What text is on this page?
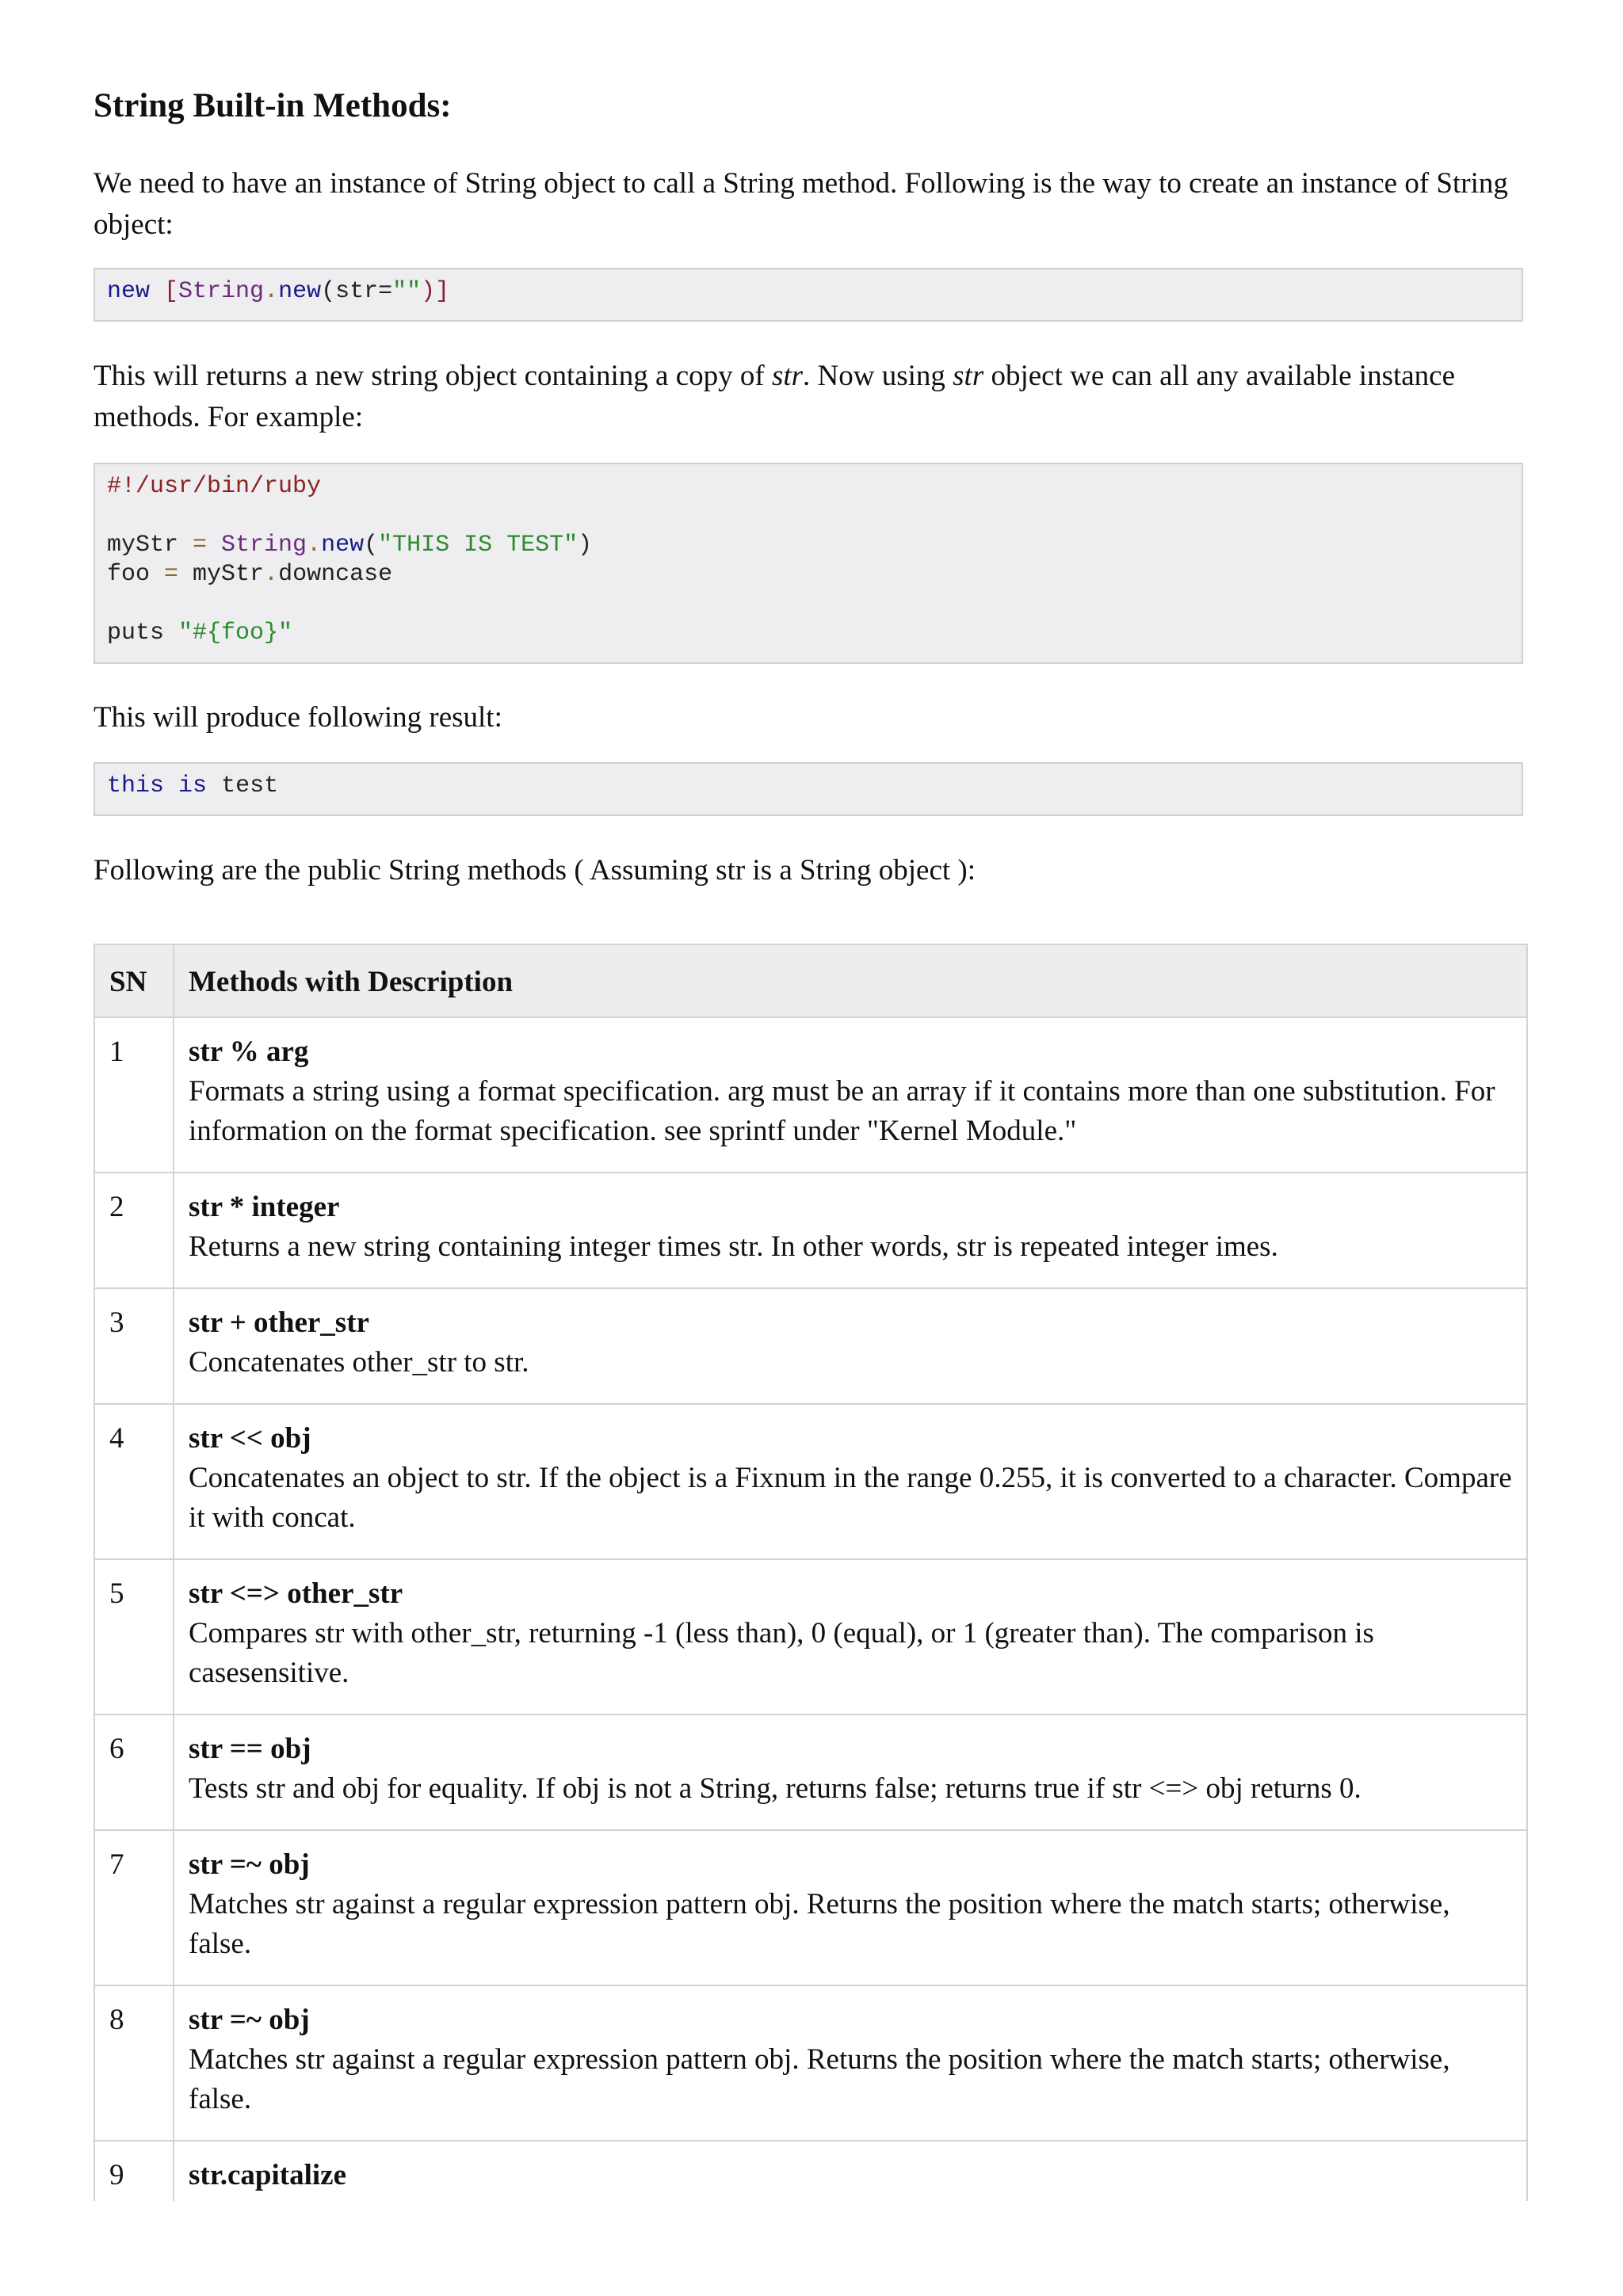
String Built-in Methods:

We need to have an instance of String object to call a String method. Following is the way to create an instance of String object:

new [String.new(str="")]

This will returns a new string object containing a copy of str. Now using str object we can all any available instance methods. For example:

#!/usr/bin/ruby
myStr = String.new("THIS IS TEST")
foo = myStr.downcase
puts "#{foo}"

This will produce following result:

this is test

Following are the public String methods ( Assuming str is a String object ):

SN	Methods with Description
1	str % arg
Formats a string using a format specification. arg must be an array if it contains more than one substitution. For information on the format specification. see sprintf under "Kernel Module."

2	str * integer
Returns a new string containing integer times str. In other words, str is repeated integer imes.

3	str + other_str
Concatenates other_str to str.

4	str << obj
Concatenates an object to str. If the object is a Fixnum in the range 0.255, it is converted to a character. Compare it with concat.

5	str <=> other_str
Compares str with other_str, returning -1 (less than), 0 (equal), or 1 (greater than). The comparison is casesensitive.

6	str == obj
Tests str and obj for equality. If obj is not a String, returns false; returns true if str <=> obj returns 0.

7	str =~ obj
Matches str against a regular expression pattern obj. Returns the position where the match starts; otherwise, false.

8	str =~ obj
Matches str against a regular expression pattern obj. Returns the position where the match starts; otherwise, false.

9	str.capitalize
